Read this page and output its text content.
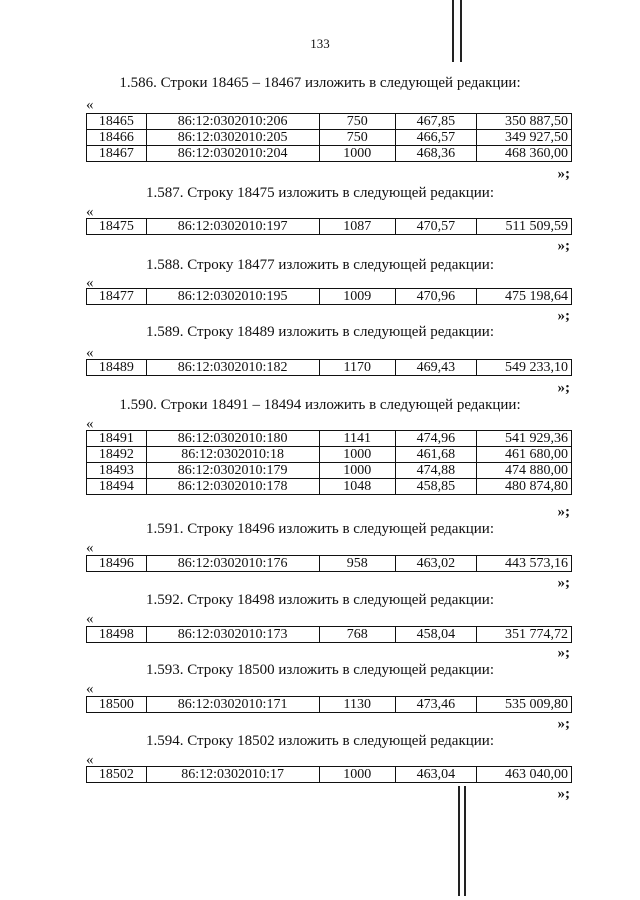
133
1.586. Строки 18465 – 18467 изложить в следующей редакции:
«
18465	86:12:0302010:206	750	467,85	350 887,50
18466	86:12:0302010:205	750	466,57	349 927,50
18467	86:12:0302010:204	1000	468,36	468 360,00
»;
1.587. Строку 18475 изложить в следующей редакции:
«
18475	86:12:0302010:197	1087	470,57	511 509,59
»;
1.588. Строку 18477 изложить в следующей редакции:
«
18477	86:12:0302010:195	1009	470,96	475 198,64
»;
1.589. Строку 18489 изложить в следующей редакции:
«
18489	86:12:0302010:182	1170	469,43	549 233,10
»;
1.590. Строки 18491 – 18494 изложить в следующей редакции:
«
18491	86:12:0302010:180	1141	474,96	541 929,36
18492	86:12:0302010:18	1000	461,68	461 680,00
18493	86:12:0302010:179	1000	474,88	474 880,00
18494	86:12:0302010:178	1048	458,85	480 874,80
»;
1.591. Строку 18496 изложить в следующей редакции:
«
18496	86:12:0302010:176	958	463,02	443 573,16
»;
1.592. Строку 18498 изложить в следующей редакции:
«
18498	86:12:0302010:173	768	458,04	351 774,72
»;
1.593. Строку 18500 изложить в следующей редакции:
«
18500	86:12:0302010:171	1130	473,46	535 009,80
»;
1.594. Строку 18502 изложить в следующей редакции:
«
18502	86:12:0302010:17	1000	463,04	463 040,00
»;
